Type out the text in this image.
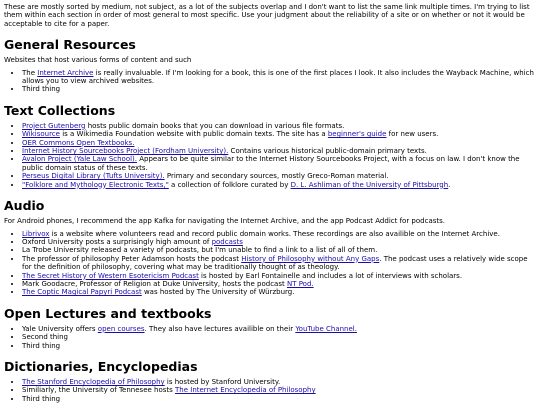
These are mostly sorted by medium, not subject, as a lot of the subjects overlap and I don't want to list the same link multiple times. I'm trying to list them within each section in order of most general to most specific. Use your judgment about the reliability of a site or on whether or not it would be acceptable to cite for a paper.

General Resources

Websites that host various forms of content and such

• The Internet Archive is really invaluable. If I'm looking for a book, this is one of the first places I look. It also includes the Wayback Machine, which allows you to view archived websites.
• Third thing
Text Collections
• Project Gutenberg hosts public domain books that you can download in various file formats.
• Wikisource is a Wikimedia Foundation website with public domain texts. The site has a beginner's guide for new users.
• OER Commons Open Textbooks.
• Internet History Sourcebooks Project (Fordham University). Contains various historical public-domain primary texts.
• Avalon Project (Yale Law School). Appears to be quite similar to the Internet History Sourcebooks Project, with a focus on law. I don't know the public domain status of these texts.
• Perseus Digital Library (Tufts University). Primary and secondary sources, mostly Greco-Roman material.
• "Folklore and Mythology Electronic Texts," a collection of folklore curated by D. L. Ashliman of the University of Pittsburgh.
Audio

For Android phones, I recommend the app Kafka for navigating the Internet Archive, and the app Podcast Addict for podcasts.

• Librivox is a website where volunteers read and record public domain works. These recordings are also availible on the Internet Archive.
• Oxford University posts a surprisingly high amount of podcasts
• La Trobe University released a variety of podcasts, but I'm unable to find a link to a list of all of them.
• The professor of philosophy Peter Adamson hosts the podcast History of Philosophy without Any Gaps. The podcast uses a relatively wide scope for the definition of philosophy, covering what may be traditionally thought of as theology.
• The Secret History of Western Esotericism Podcast is hosted by Earl Fontainelle and includes a lot of interviews with scholars.
• Mark Goodacre, Professor of Religion at Duke University, hosts the podcast NT Pod.
• The Coptic Magical Papyri Podcast was hosted by The University of Würzburg.
Open Lectures and textbooks
• Yale University offers open courses. They also have lectures availible on their YouTube Channel.
• Second thing
• Third thing
Dictionaries, Encyclopedias
• The Stanford Encyclopedia of Philosophy is hosted by Stanford University.
• Similiarly, the University of Tennesee hosts The Internet Encyclopedia of Philosophy
• Third thing
